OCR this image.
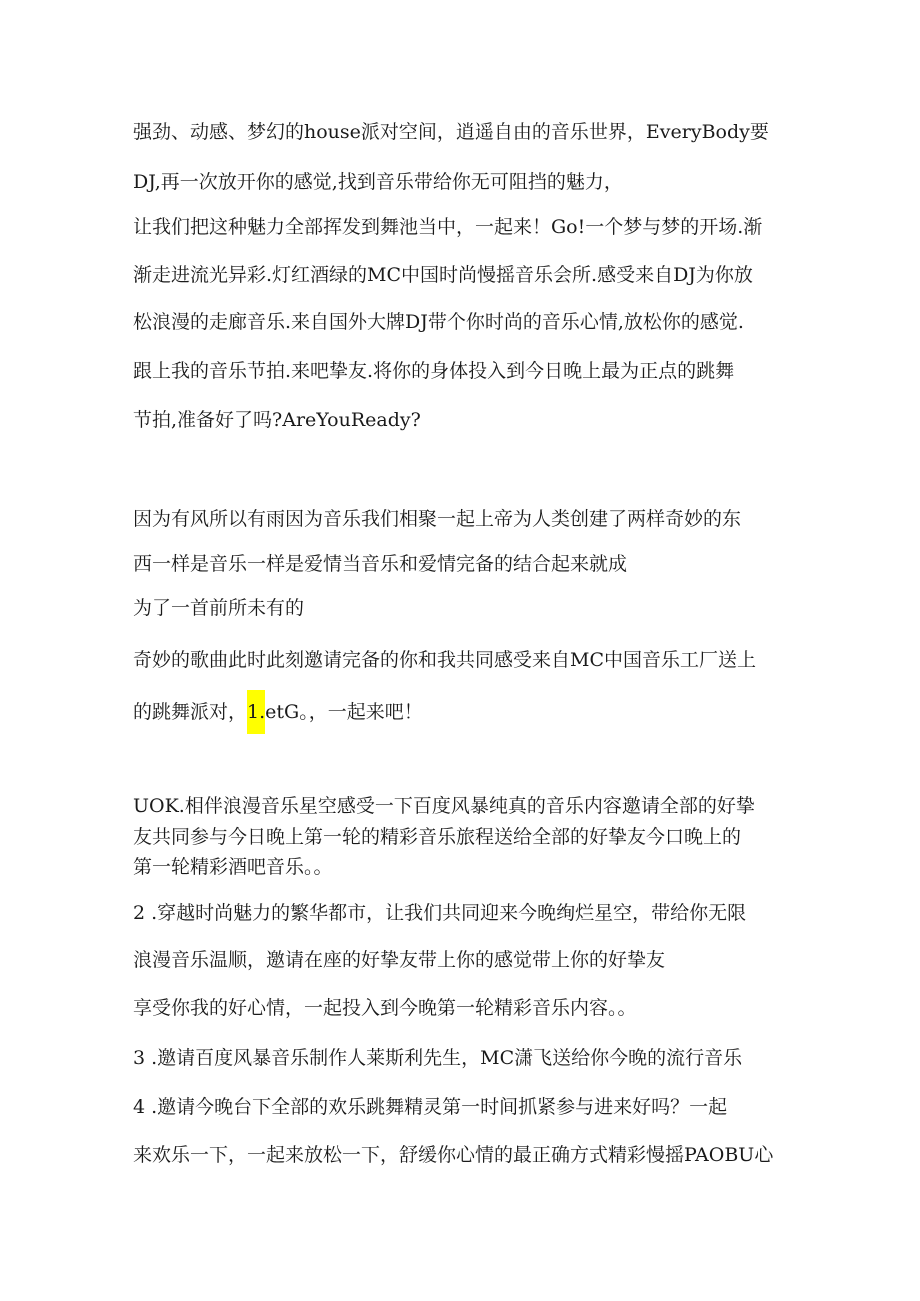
强劲、动感、梦幻的house派对空间，逍遥自由的音乐世界，EveryBody要
DJ,再一次放开你的感觉,找到音乐带给你无可阻挡的魅力，
让我们把这种魅力全部挥发到舞池当中，一起来！Go!一个梦与梦的开场.渐
渐走进流光异彩.灯红酒绿的MC中国时尚慢摇音乐会所.感受来自DJ为你放
松浪漫的走廊音乐.来自国外大牌DJ带个你时尚的音乐心情,放松你的感觉.
跟上我的音乐节拍.来吧挚友.将你的身体投入到今日晚上最为正点的跳舞
节拍,准备好了吗?AreYouReady?
因为有风所以有雨因为音乐我们相聚一起上帝为人类创建了两样奇妙的东
西一样是音乐一样是爱情当音乐和爱情完备的结合起来就成
为了一首前所未有的
奇妙的歌曲此时此刻邀请完备的你和我共同感受来自MC中国音乐工厂送上
的跳舞派对，1.etG。，一起来吧！
UOK.相伴浪漫音乐星空感受一下百度风暴纯真的音乐内容邀请全部的好挚
友共同参与今日晚上第一轮的精彩音乐旅程送给全部的好挚友今口晚上的
第一轮精彩酒吧音乐。。
2 .穿越时尚魅力的繁华都市，让我们共同迎来今晚绚烂星空，带给你无限
浪漫音乐温顺，邀请在座的好挚友带上你的感觉带上你的好挚友
享受你我的好心情，一起投入到今晚第一轮精彩音乐内容。。
3 .邀请百度风暴音乐制作人莱斯利先生，MC潇飞送给你今晚的流行音乐
4 .邀请今晚台下全部的欢乐跳舞精灵第一时间抓紧参与进来好吗？一起
来欢乐一下，一起来放松一下，舒缓你心情的最正确方式精彩慢摇PAOBU心
